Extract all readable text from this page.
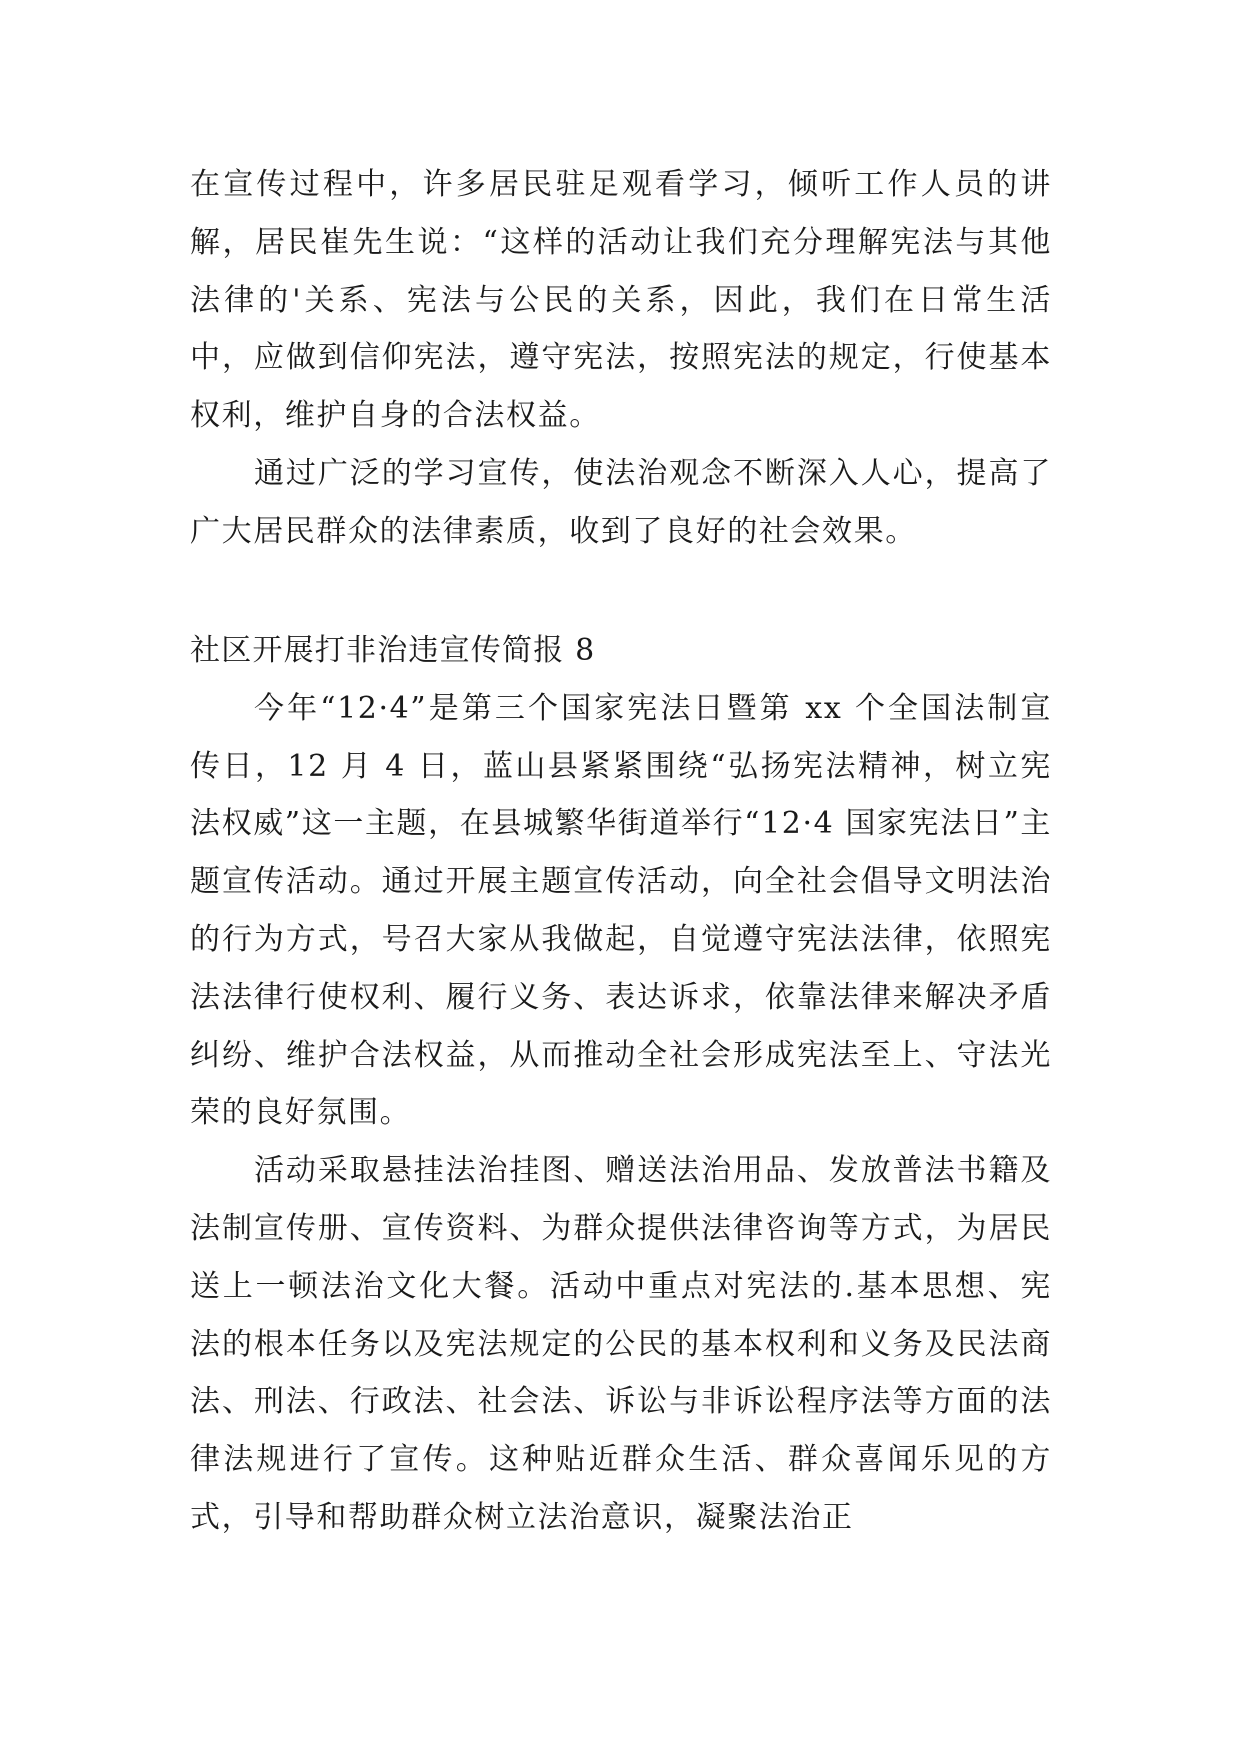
在宣传过程中，许多居民驻足观看学习，倾听工作人员的讲解，居民崔先生说：“这样的活动让我们充分理解宪法与其他法律的'关系、宪法与公民的关系，因此，我们在日常生活中，应做到信仰宪法，遵守宪法，按照宪法的规定，行使基本权利，维护自身的合法权益。

通过广泛的学习宣传，使法治观念不断深入人心，提高了广大居民群众的法律素质，收到了良好的社会效果。

社区开展打非治违宣传简报 8

今年“12·4”是第三个国家宪法日暨第 xx 个全国法制宣传日，12 月 4 日，蓝山县紧紧围绕“弘扬宪法精神，树立宪法权威”这一主题，在县城繁华街道举行“12·4 国家宪法日”主题宣传活动。通过开展主题宣传活动，向全社会倡导文明法治的行为方式，号召大家从我做起，自觉遵守宪法法律，依照宪法法律行使权利、履行义务、表达诉求，依靠法律来解决矛盾纠纷、维护合法权益，从而推动全社会形成宪法至上、守法光荣的良好氛围。

活动采取悬挂法治挂图、赠送法治用品、发放普法书籍及法制宣传册、宣传资料、为群众提供法律咨询等方式，为居民送上一顿法治文化大餐。活动中重点对宪法的.基本思想、宪法的根本任务以及宪法规定的公民的基本权利和义务及民法商法、刑法、行政法、社会法、诉讼与非诉讼程序法等方面的法律法规进行了宣传。这种贴近群众生活、群众喜闻乐见的方式，引导和帮助群众树立法治意识，凝聚法治正
